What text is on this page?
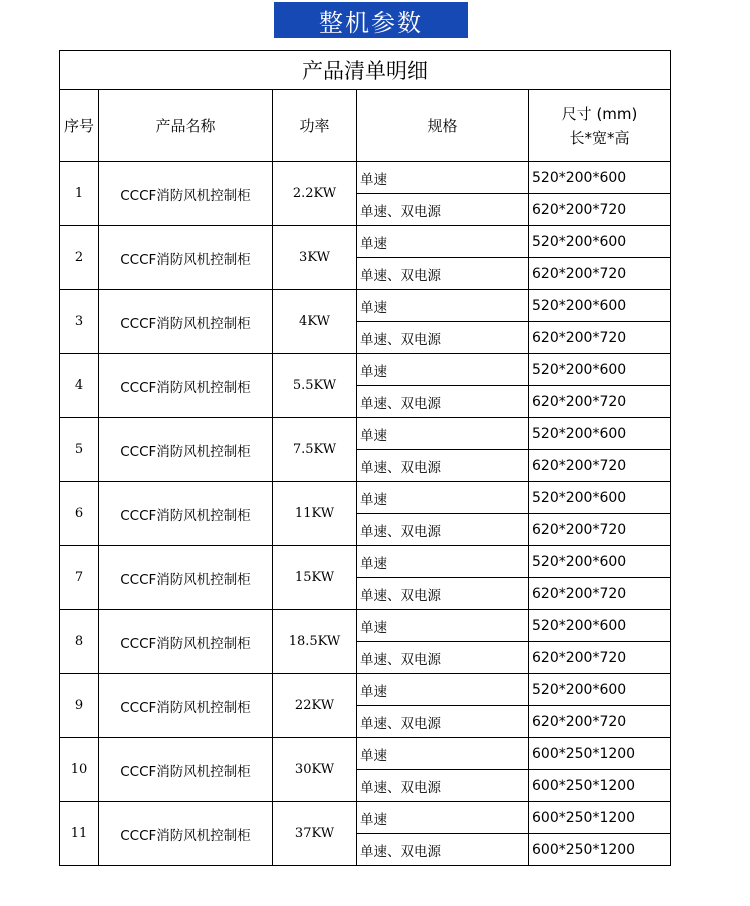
整机参数
产品清单明细				
序号	产品名称	功率	规格	尺寸 (mm)
长*宽*高

1	CCCF消防风机控制柜	2.2KW	单速	520*200*600
			单速、双电源	620*200*720
2	CCCF消防风机控制柜	3KW	单速	520*200*600
			单速、双电源	620*200*720
3	CCCF消防风机控制柜	4KW	单速	520*200*600
			单速、双电源	620*200*720
4	CCCF消防风机控制柜	5.5KW	单速	520*200*600
			单速、双电源	620*200*720
5	CCCF消防风机控制柜	7.5KW	单速	520*200*600
			单速、双电源	620*200*720
6	CCCF消防风机控制柜	11KW	单速	520*200*600
			单速、双电源	620*200*720
7	CCCF消防风机控制柜	15KW	单速	520*200*600
			单速、双电源	620*200*720
8	CCCF消防风机控制柜	18.5KW	单速	520*200*600
			单速、双电源	620*200*720
9	CCCF消防风机控制柜	22KW	单速	520*200*600
			单速、双电源	620*200*720
10	CCCF消防风机控制柜	30KW	单速	600*250*1200
			单速、双电源	600*250*1200
11	CCCF消防风机控制柜	37KW	单速	600*250*1200
			单速、双电源	600*250*1200
